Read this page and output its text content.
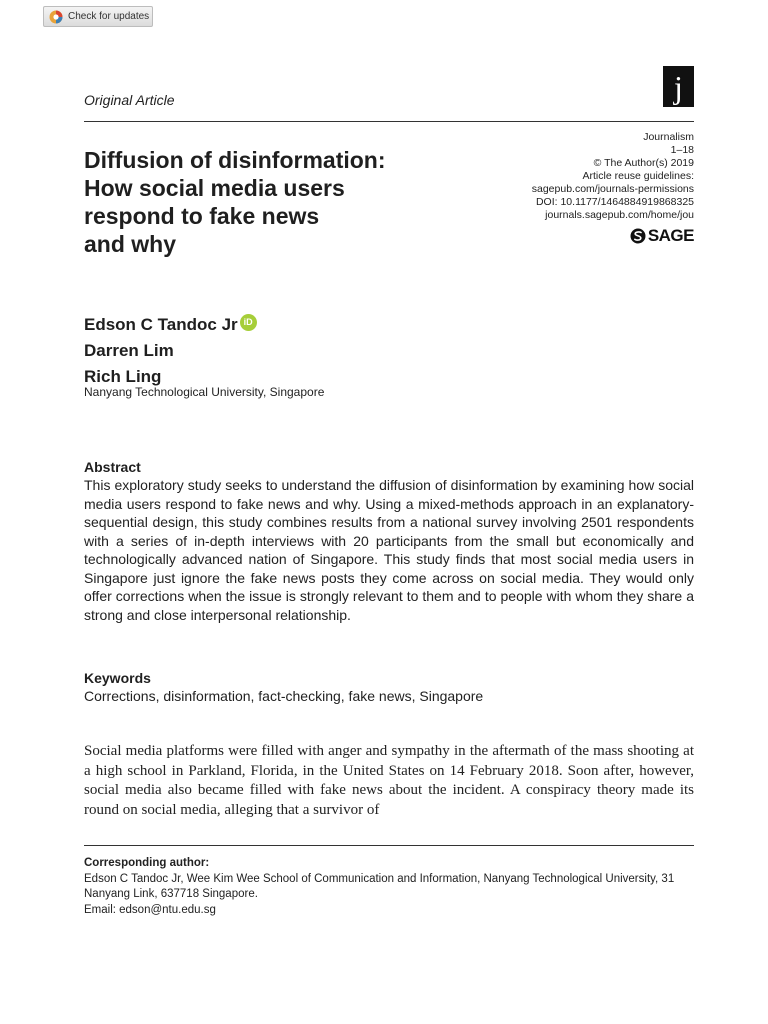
Check for updates
j
Original Article
Diffusion of disinformation:
How social media users
respond to fake news
and why
Journalism
1–18
© The Author(s) 2019
Article reuse guidelines:
sagepub.com/journals-permissions
DOI: 10.1177/1464884919868325
journals.sagepub.com/home/jou
SAGE
Edson C Tandoc Jr iD
Darren Lim
Rich Ling
Nanyang Technological University, Singapore
Abstract

This exploratory study seeks to understand the diffusion of disinformation by examining how social media users respond to fake news and why. Using a mixed-methods approach in an explanatory-sequential design, this study combines results from a national survey involving 2501 respondents with a series of in-depth interviews with 20 participants from the small but economically and technologically advanced nation of Singapore. This study finds that most social media users in Singapore just ignore the fake news posts they come across on social media. They would only offer corrections when the issue is strongly relevant to them and to people with whom they share a strong and close interpersonal relationship.

Keywords
Corrections, disinformation, fact-checking, fake news, Singapore

Social media platforms were filled with anger and sympathy in the aftermath of the mass shooting at a high school in Parkland, Florida, in the United States on 14 February 2018. Soon after, however, social media also became filled with fake news about the incident. A conspiracy theory made its round on social media, alleging that a survivor of

Corresponding author:
Edson C Tandoc Jr, Wee Kim Wee School of Communication and Information, Nanyang Technological University, 31 Nanyang Link, 637718 Singapore.
Email: edson@ntu.edu.sg
